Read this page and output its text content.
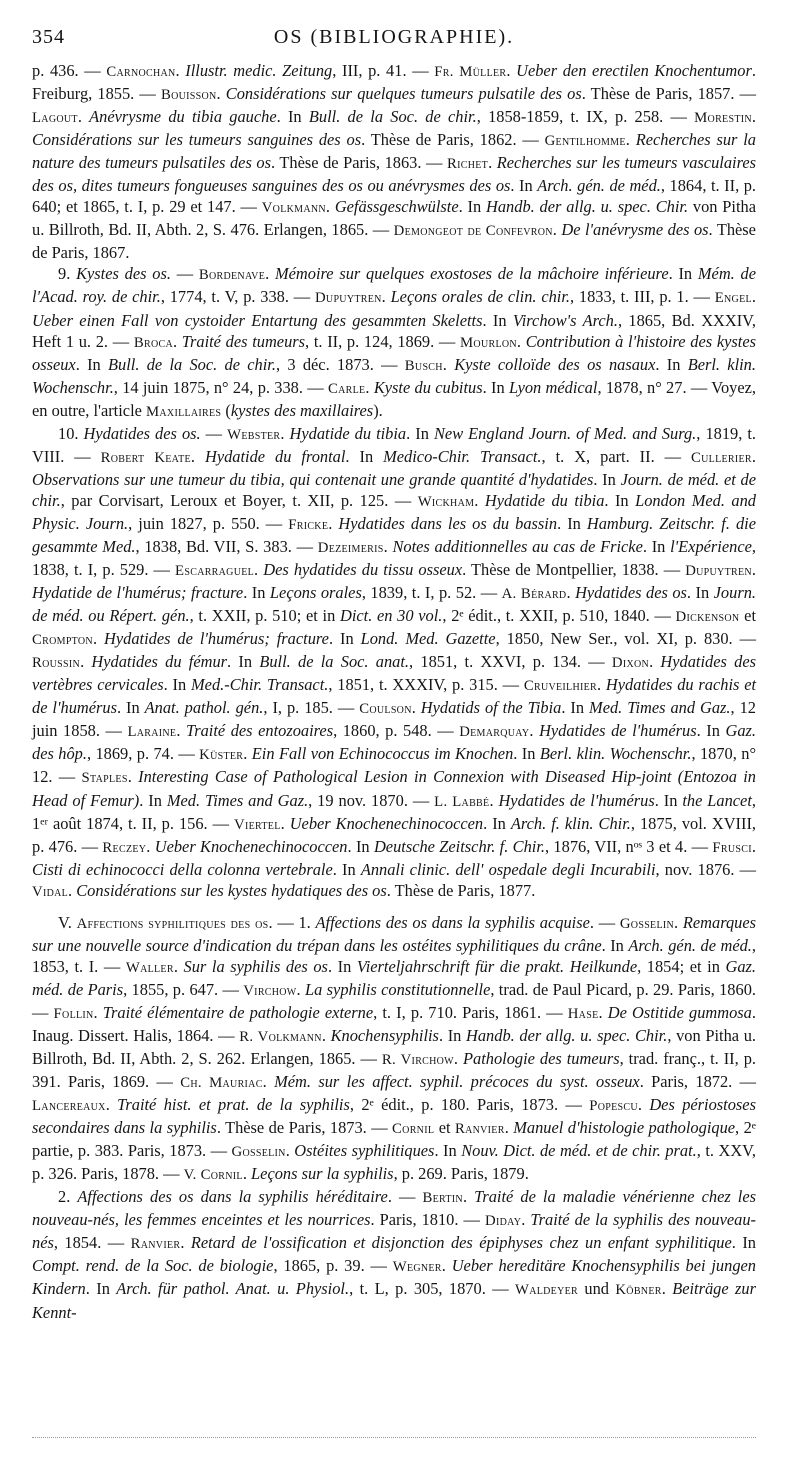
354	OS (BIBLIOGRAPHIE).

p. 436. — Carnochan. Illustr. medic. Zeitung, III, p. 41. — Fr. Müller. Ueber den erectilen Knochentumor. Freiburg, 1855. — Bouisson. Considérations sur quelques tumeurs pulsatile des os. Thèse de Paris, 1857. — Lagout. Anévrysme du tibia gauche. In Bull. de la Soc. de chir., 1858-1859, t. IX, p. 258. — Morestin. Considérations sur les tumeurs sanguines des os. Thèse de Paris, 1862. — Gentilhomme. Recherches sur la nature des tumeurs pulsatiles des os. Thèse de Paris, 1863. — Richet. Recherches sur les tumeurs vasculaires des os, dites tumeurs fongueuses sanguines des os ou anévrysmes des os. In Arch. gén. de méd., 1864, t. II, p. 640; et 1865, t. I, p. 29 et 147. — Volkmann. Gefässgeschwülste. In Handb. der allg. u. spec. Chir. von Pitha u. Billroth, Bd. II, Abth. 2, S. 476. Erlangen, 1865. — Demongeot de Confevron. De l'anévrysme des os. Thèse de Paris, 1867.

9. Kystes des os. — Bordenave. Mémoire sur quelques exostoses de la mâchoire inférieure. In Mém. de l'Acad. roy. de chir., 1774, t. V, p. 338. — Dupuytren. Leçons orales de clin. chir., 1833, t. III, p. 1. — Engel. Ueber einen Fall von cystoider Entartung des gesammten Skeletts. In Virchow's Arch., 1865, Bd. XXXIV, Heft 1 u. 2. — Broca. Traité des tumeurs, t. II, p. 124, 1869. — Mourlon. Contribution à l'histoire des kystes osseux. In Bull. de la Soc. de chir., 3 déc. 1873. — Busch. Kyste colloïde des os nasaux. In Berl. klin. Wochenschr., 14 juin 1875, n° 24, p. 338. — Carle. Kyste du cubitus. In Lyon médical, 1878, n° 27. — Voyez, en outre, l'article Maxillaires (kystes des maxillaires).

10. Hydatides des os. — Webster. Hydatide du tibia. In New England Journ. of Med. and Surg., 1819, t. VIII. — Robert Keate. Hydatide du frontal. In Medico-Chir. Transact., t. X, part. II. — Cullerier. Observations sur une tumeur du tibia, qui contenait une grande quantité d'hydatides. In Journ. de méd. et de chir., par Corvisart, Leroux et Boyer, t. XII, p. 125. — Wickham. Hydatide du tibia. In London Med. and Physic. Journ., juin 1827, p. 550. — Fricke. Hydatides dans les os du bassin. In Hamburg. Zeitschr. f. die gesammte Med., 1838, Bd. VII, S. 383. — Dezeimeris. Notes additionnelles au cas de Fricke. In l'Expérience, 1838, t. I, p. 529. — Escarraguel. Des hydatides du tissu osseux. Thèse de Montpellier, 1838. — Dupuytren. Hydatide de l'humérus; fracture. In Leçons orales, 1839, t. I, p. 52. — A. Bérard. Hydatides des os. In Journ. de méd. ou Répert. gén., t. XXII, p. 510; et in Dict. en 30 vol., 2ᵉ édit., t. XXII, p. 510, 1840. — Dickenson et Crompton. Hydatides de l'humérus; fracture. In Lond. Med. Gazette, 1850, New Ser., vol. XI, p. 830. — Roussin. Hydatides du fémur. In Bull. de la Soc. anat., 1851, t. XXVI, p. 134. — Dixon. Hydatides des vertèbres cervicales. In Med.-Chir. Transact., 1851, t. XXXIV, p. 315. — Cruveilhier. Hydatides du rachis et de l'humérus. In Anat. pathol. gén., I, p. 185. — Coulson. Hydatids of the Tibia. In Med. Times and Gaz., 12 juin 1858. — Laraine. Traité des entozoaires, 1860, p. 548. — Demarquay. Hydatides de l'humérus. In Gaz. des hôp., 1869, p. 74. — Küster. Ein Fall von Echinococcus im Knochen. In Berl. klin. Wochenschr., 1870, n° 12. — Staples. Interesting Case of Pathological Lesion in Connexion with Diseased Hip-joint (Entozoa in Head of Femur). In Med. Times and Gaz., 19 nov. 1870. — L. Labbé. Hydatides de l'humérus. In the Lancet, 1ᵉʳ août 1874, t. II, p. 156. — Viertel. Ueber Knochenechinococcen. In Arch. f. klin. Chir., 1875, vol. XVIII, p. 476. — Reczey. Ueber Knochenechinococcen. In Deutsche Zeitschr. f. Chir., 1876, VII, nᵒˢ 3 et 4. — Frusci. Cisti di echinococci della colonna vertebrale. In Annali clinic. dell' ospedale degli Incurabili, nov. 1876. — Vidal. Considérations sur les kystes hydatiques des os. Thèse de Paris, 1877.

V. Affections syphilitiques des os. — 1. Affections des os dans la syphilis acquise. — Gosselin. Remarques sur une nouvelle source d'indication du trépan dans les ostéites syphilitiques du crâne. In Arch. gén. de méd., 1853, t. I. — Waller. Sur la syphilis des os. In Vierteljahrschrift für die prakt. Heilkunde, 1854; et in Gaz. méd. de Paris, 1855, p. 647. — Virchow. La syphilis constitutionnelle, trad. de Paul Picard, p. 29. Paris, 1860. — Follin. Traité élémentaire de pathologie externe, t. I, p. 710. Paris, 1861. — Hase. De Ostitide gummosa. Inaug. Dissert. Halis, 1864. — R. Volkmann. Knochensyphilis. In Handb. der allg. u. spec. Chir., von Pitha u. Billroth, Bd. II, Abth. 2, S. 262. Erlangen, 1865. — R. Virchow. Pathologie des tumeurs, trad. franç., t. II, p. 391. Paris, 1869. — Ch. Mauriac. Mém. sur les affect. syphil. précoces du syst. osseux. Paris, 1872. — Lancereaux. Traité hist. et prat. de la syphilis, 2ᵉ édit., p. 180. Paris, 1873. — Popescu. Des périostoses secondaires dans la syphilis. Thèse de Paris, 1873. — Cornil et Ranvier. Manuel d'histologie pathologique, 2ᵉ partie, p. 383. Paris, 1873. — Gosselin. Ostéites syphilitiques. In Nouv. Dict. de méd. et de chir. prat., t. XXV, p. 326. Paris, 1878. — V. Cornil. Leçons sur la syphilis, p. 269. Paris, 1879.

2. Affections des os dans la syphilis héréditaire. — Bertin. Traité de la maladie vénérienne chez les nouveau-nés, les femmes enceintes et les nourrices. Paris, 1810. — Diday. Traité de la syphilis des nouveau-nés, 1854. — Ranvier. Retard de l'ossification et disjonction des épiphyses chez un enfant syphilitique. In Compt. rend. de la Soc. de biologie, 1865, p. 39. — Wegner. Ueber hereditäre Knochensyphilis bei jungen Kindern. In Arch. für pathol. Anat. u. Physiol., t. L, p. 305, 1870. — Waldeyer und Köbner. Beiträge zur Kennt-
